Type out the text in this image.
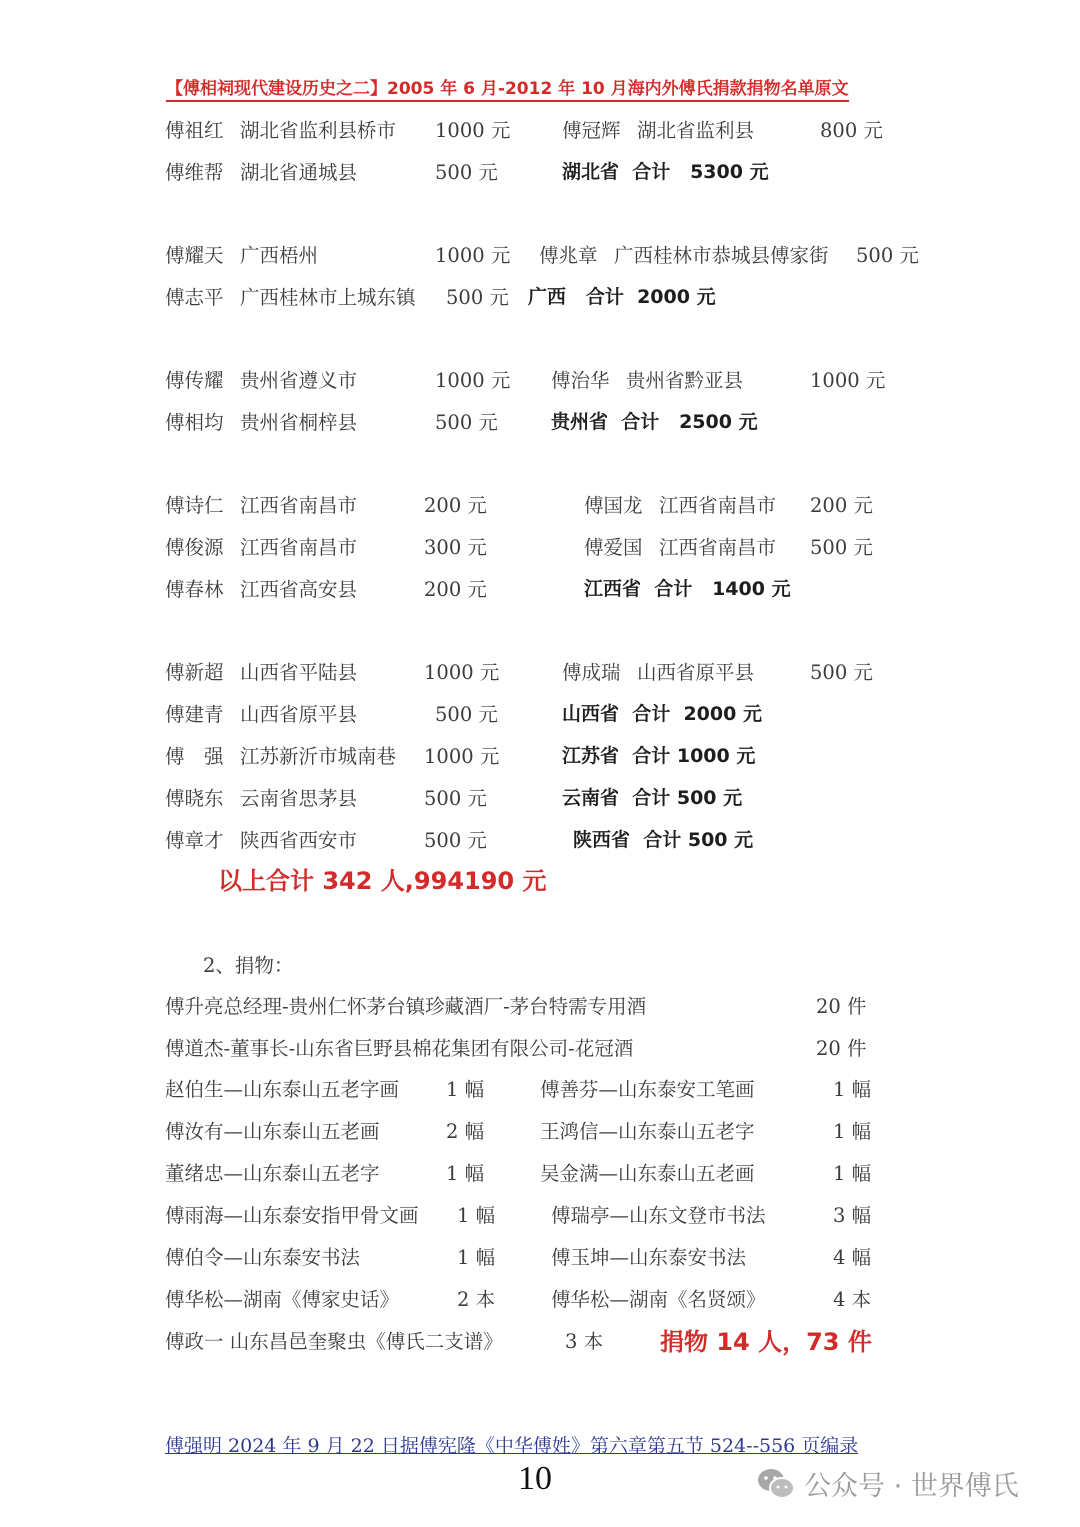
【傅相祠现代建设历史之二】2005 年 6 月-2012 年 10 月海内外傅氏捐款捐物名单原文
傅祖红 湖北省监利县桥市 1000 元	傅冠辉 湖北省监利县	800 元
傅维帮 湖北省通城县	500 元	湖北省  合计   5300 元
傅耀天 广西梧州	1000 元 傅兆章 广西桂林市恭城县傅家街 500 元
傅志平 广西桂林市上城东镇 500 元 广西   合计  2000 元
傅传耀 贵州省遵义市	1000 元 傅治华 贵州省黔亚县	1000 元
傅相均 贵州省桐梓县	500 元	贵州省  合计   2500 元
傅诗仁 江西省南昌市	200 元	傅国龙 江西省南昌市 200 元
傅俊源 江西省南昌市	300 元	傅爱国 江西省南昌市 500 元
傅春林 江西省高安县	200 元	江西省  合计   1400 元
傅新超 山西省平陆县	1000 元	傅成瑞 山西省原平县	500 元
傅建青 山西省原平县	500 元	山西省  合计  2000 元
傅　强 江苏新沂市城南巷 1000 元	江苏省  合计 1000 元
傅晓东 云南省思茅县	500 元	云南省  合计 500 元
傅章才 陕西省西安市	500 元	陕西省  合计 500 元
以上合计 342 人,994190 元
2、捐物：
傅升亮总经理-贵州仁怀茅台镇珍藏酒厂-茅台特需专用酒	20 件
傅道杰-董事长-山东省巨野县棉花集团有限公司-花冠酒	20 件
赵伯生—山东泰山五老字画 1 幅	傅善芬—山东泰安工笔画	1 幅
傅汝有—山东泰山五老画	2 幅	王鸿信—山东泰山五老字	1 幅
董绪忠—山东泰山五老字	1 幅	吴金满—山东泰山五老画	1 幅
傅雨海—山东泰安指甲骨文画 1 幅	傅瑞亭—山东文登市书法	3 幅
傅伯令—山东泰安书法	1 幅	傅玉坤—山东泰安书法	4 幅
傅华松—湖南《傅家史话》	2 本	傅华松—湖南《名贤颂》	4 本
傅政一 山东昌邑奎聚虫《傅氏二支谱》	3 本 捐物 14 人，73 件
傅强明 2024 年 9 月 22 日据傅宪隆《中华傅姓》第六章第五节 524--556 页编录
10	公众号 · 世界傅氏
